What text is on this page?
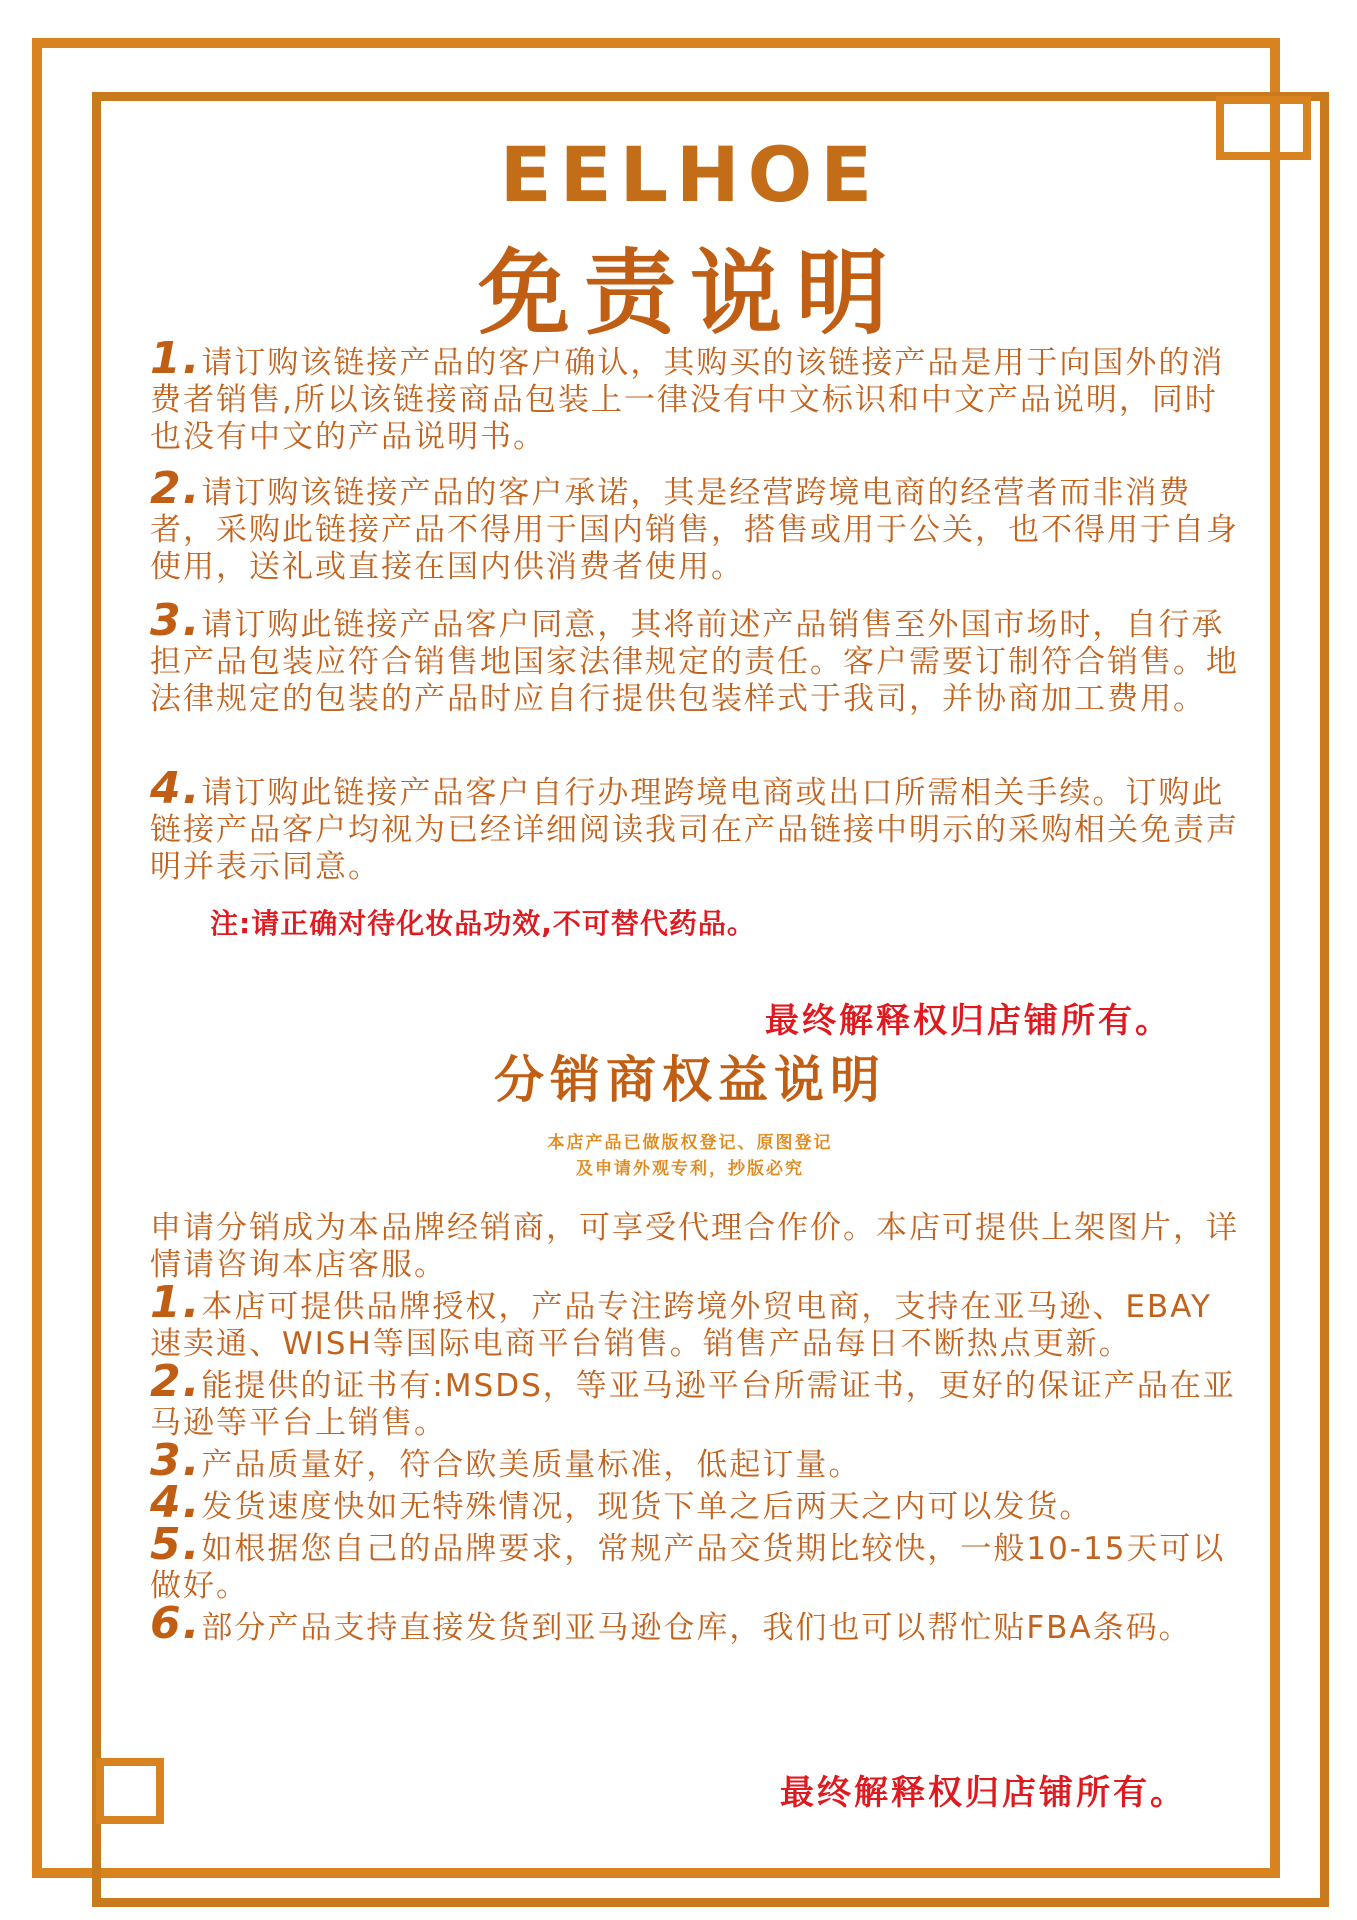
EELHOE
免责说明
1.请订购该链接产品的客户确认，其购买的该链接产品是用于向国外的消费者销售,所以该链接商品包装上一律没有中文标识和中文产品说明，同时也没有中文的产品说明书。
2.请订购该链接产品的客户承诺，其是经营跨境电商的经营者而非消费者，采购此链接产品不得用于国内销售，搭售或用于公关，也不得用于自身使用，送礼或直接在国内供消费者使用。
3.请订购此链接产品客户同意，其将前述产品销售至外国市场时，自行承担产品包装应符合销售地国家法律规定的责任。客户需要订制符合销售。地法律规定的包装的产品时应自行提供包装样式于我司，并协商加工费用。
4.请订购此链接产品客户自行办理跨境电商或出口所需相关手续。订购此链接产品客户均视为已经详细阅读我司在产品链接中明示的采购相关免责声明并表示同意。
注:请正确对待化妆品功效,不可替代药品。
最终解释权归店铺所有。
分销商权益说明
本店产品已做版权登记、原图登记
及申请外观专利，抄版必究

申请分销成为本品牌经销商，可享受代理合作价。本店可提供上架图片，详情请咨询本店客服。

1.本店可提供品牌授权，产品专注跨境外贸电商，支持在亚马逊、EBAY速卖通、WISH等国际电商平台销售。销售产品每日不断热点更新。

2.能提供的证书有:MSDS，等亚马逊平台所需证书，更好的保证产品在亚马逊等平台上销售。

3.产品质量好，符合欧美质量标准，低起订量。

4.发货速度快如无特殊情况，现货下单之后两天之内可以发货。

5.如根据您自己的品牌要求，常规产品交货期比较快，一般10-15天可以做好。

6.部分产品支持直接发货到亚马逊仓库，我们也可以帮忙贴FBA条码。

最终解释权归店铺所有。
